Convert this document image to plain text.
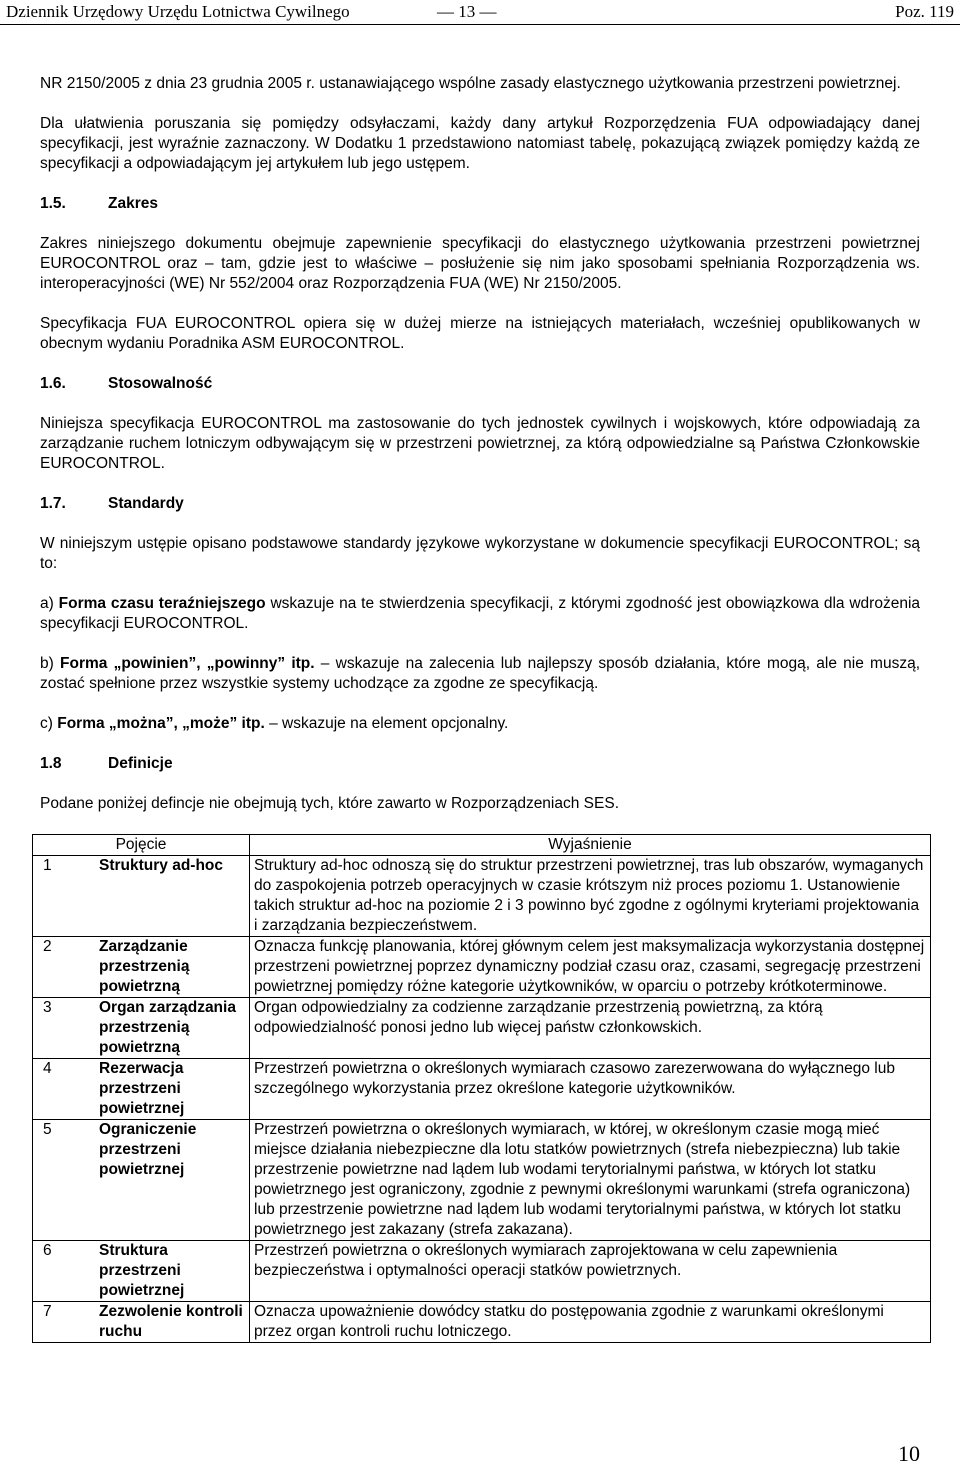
Dziennik Urzędowy Urzędu Lotnictwa Cywilnego	— 13 —	Poz. 119

NR 2150/2005 z dnia 23 grudnia 2005 r. ustanawiającego wspólne zasady elastycznego użytkowania przestrzeni powietrznej.

Dla ułatwienia poruszania się pomiędzy odsyłaczami, każdy dany artykuł Rozporzędzenia FUA odpowiadający danej specyfikacji, jest wyraźnie zaznaczony. W Dodatku 1 przedstawiono natomiast tabelę, pokazującą związek pomiędzy każdą ze specyfikacji a odpowiadającym jej artykułem lub jego ustępem.

1.5.	Zakres

Zakres niniejszego dokumentu obejmuje zapewnienie specyfikacji do elastycznego użytkowania przestrzeni powietrznej EUROCONTROL oraz – tam, gdzie jest to właściwe – posłużenie się nim jako sposobami spełniania Rozporządzenia ws. interoperacyjności (WE) Nr 552/2004 oraz Rozporządzenia FUA (WE) Nr 2150/2005.

Specyfikacja FUA EUROCONTROL opiera się w dużej mierze na istniejących materiałach, wcześniej opublikowanych w obecnym wydaniu Poradnika ASM EUROCONTROL.

1.6.	Stosowalność

Niniejsza specyfikacja EUROCONTROL ma zastosowanie do tych jednostek cywilnych i wojskowych, które odpowiadają za zarządzanie ruchem lotniczym odbywającym się w przestrzeni powietrznej, za którą odpowiedzialne są Państwa Członkowskie EUROCONTROL.

1.7.	Standardy

W niniejszym ustępie opisano podstawowe standardy językowe wykorzystane w dokumencie specyfikacji EUROCONTROL; są to:

a) Forma czasu teraźniejszego wskazuje na te stwierdzenia specyfikacji, z którymi zgodność jest obowiązkowa dla wdrożenia specyfikacji EUROCONTROL.

b) Forma „powinien”, „powinny” itp. – wskazuje na zalecenia lub najlepszy sposób działania, które mogą, ale nie muszą, zostać spełnione przez wszystkie systemy uchodzące za zgodne ze specyfikacją.

c) Forma „można”, „może” itp. – wskazuje na element opcjonalny.

1.8	Definicje

Podane poniżej defincje nie obejmują tych, które zawarto w Rozporządzeniach SES.

Pojęcie		Wyjaśnienie
1	Struktury ad-hoc	Struktury ad-hoc odnoszą się do struktur przestrzeni powietrznej, tras lub obszarów, wymaganych do zaspokojenia potrzeb operacyjnych w czasie krótszym niż proces poziomu 1. Ustanowienie takich struktur ad-hoc na poziomie 2 i 3 powinno być zgodne z ogólnymi kryteriami projektowania i zarządzania bezpieczeństwem.
2	Zarządzanie przestrzenią powietrzną	Oznacza funkcję planowania, której głównym celem jest maksymalizacja wykorzystania dostępnej przestrzeni powietrznej poprzez dynamiczny podział czasu oraz, czasami, segregację przestrzeni powietrznej pomiędzy różne kategorie użytkowników, w oparciu o potrzeby krótkoterminowe.
3	Organ zarządzania przestrzenią powietrzną	Organ odpowiedzialny za codzienne zarządzanie przestrzenią powietrzną, za którą odpowiedzialność ponosi jedno lub więcej państw członkowskich.
4	Rezerwacja przestrzeni powietrznej	Przestrzeń powietrzna o określonych wymiarach czasowo zarezerwowana do wyłącznego lub szczególnego wykorzystania przez określone kategorie użytkowników.
5	Ograniczenie przestrzeni powietrznej	Przestrzeń powietrzna o określonych wymiarach, w której, w określonym czasie mogą mieć miejsce działania niebezpieczne dla lotu statków powietrznych (strefa niebezpieczna) lub takie przestrzenie powietrzne nad lądem lub wodami terytorialnymi państwa, w których lot statku powietrznego jest ograniczony, zgodnie z pewnymi określonymi warunkami (strefa ograniczona) lub przestrzenie powietrzne nad lądem lub wodami terytorialnymi państwa, w których lot statku powietrznego jest zakazany (strefa zakazana).
6	Struktura przestrzeni powietrznej	Przestrzeń powietrzna o określonych wymiarach zaprojektowana w celu zapewnienia bezpieczeństwa i optymalności operacji statków powietrznych.
7	Zezwolenie kontroli ruchu	Oznacza upoważnienie dowódcy statku do postępowania zgodnie z warunkami określonymi przez organ kontroli ruchu lotniczego.
10
